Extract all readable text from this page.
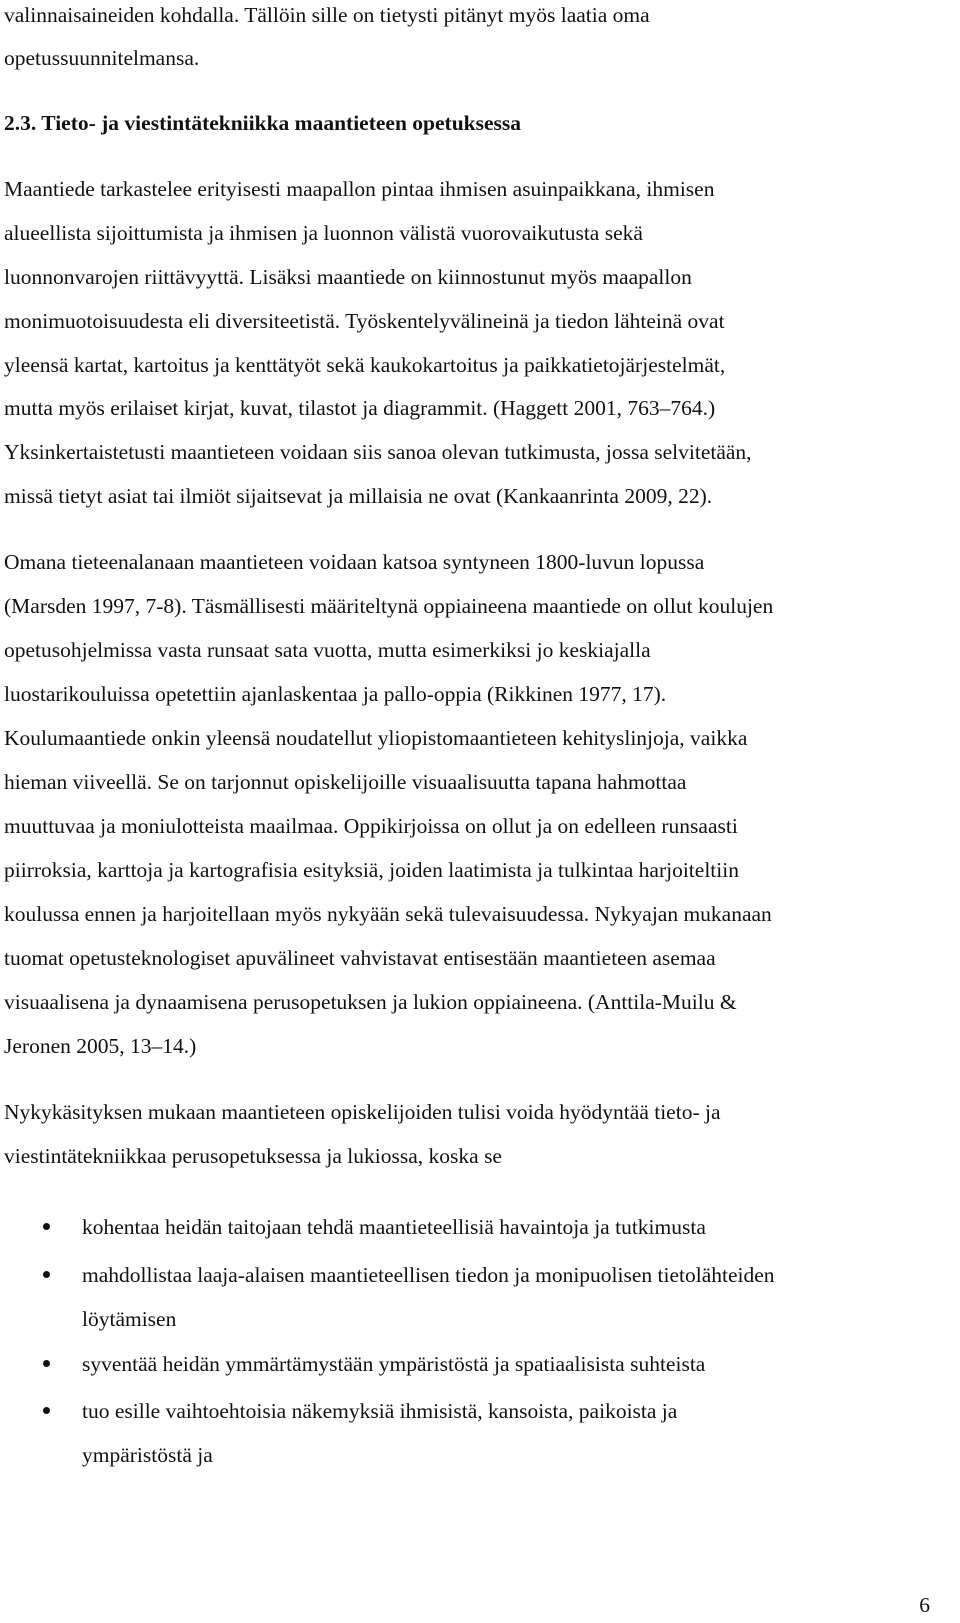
valinnaisaineiden kohdalla. Tällöin sille on tietysti pitänyt myös laatia oma
opetussuunnitelmansa.
2.3. Tieto- ja viestintätekniikka maantieteen opetuksessa
Maantiede tarkastelee erityisesti maapallon pintaa ihmisen asuinpaikkana, ihmisen
alueellista sijoittumista ja ihmisen ja luonnon välistä vuorovaikutusta sekä
luonnonvarojen riittävyyttä. Lisäksi maantiede on kiinnostunut myös maapallon
monimuotoisuudesta eli diversiteetistä. Työskentelyvälineinä ja tiedon lähteinä ovat
yleensä kartat, kartoitus ja kenttätyöt sekä kaukokartoitus ja paikkatietojärjestelmät,
mutta myös erilaiset kirjat, kuvat, tilastot ja diagrammit. (Haggett 2001, 763–764.)
Yksinkertaistetusti maantieteen voidaan siis sanoa olevan tutkimusta, jossa selvitetään,
missä tietyt asiat tai ilmiöt sijaitsevat ja millaisia ne ovat (Kankaanrinta 2009, 22).
Omana tieteenalanaan maantieteen voidaan katsoa syntyneen 1800-luvun lopussa
(Marsden 1997, 7-8). Täsmällisesti määriteltynä oppiaineena maantiede on ollut koulujen
opetusohjelmissa vasta runsaat sata vuotta, mutta esimerkiksi jo keskiajalla
luostarikouluissa opetettiin ajanlaskentaa ja pallo-oppia (Rikkinen 1977, 17).
Koulumaantiede onkin yleensä noudatellut yliopistomaantieteen kehityslinjoja, vaikka
hieman viiveellä. Se on tarjonnut opiskelijoille visuaalisuutta tapana hahmottaa
muuttuvaa ja moniulotteista maailmaa. Oppikirjoissa on ollut ja on edelleen runsaasti
piirroksia, karttoja ja kartografisia esityksiä, joiden laatimista ja tulkintaa harjoiteltiin
koulussa ennen ja harjoitellaan myös nykyään sekä tulevaisuudessa. Nykyajan mukanaan
tuomat opetusteknologiset apuvälineet vahvistavat entisestään maantieteen asemaa
visuaalisena ja dynaamisena perusopetuksen ja lukion oppiaineena. (Anttila-Muilu &
Jeronen 2005, 13–14.)
Nykykäsityksen mukaan maantieteen opiskelijoiden tulisi voida hyödyntää tieto- ja
viestintätekniikkaa perusopetuksessa ja lukiossa, koska se
kohentaa heidän taitojaan tehdä maantieteellisiä havaintoja ja tutkimusta
mahdollistaa laaja-alaisen maantieteellisen tiedon ja monipuolisen tietolähteiden
löytämisen
syventää heidän ymmärtämystään ympäristöstä ja spatiaalisista suhteista
tuo esille vaihtoehtoisia näkemyksiä ihmisistä, kansoista, paikoista ja
ympäristöstä ja
6
